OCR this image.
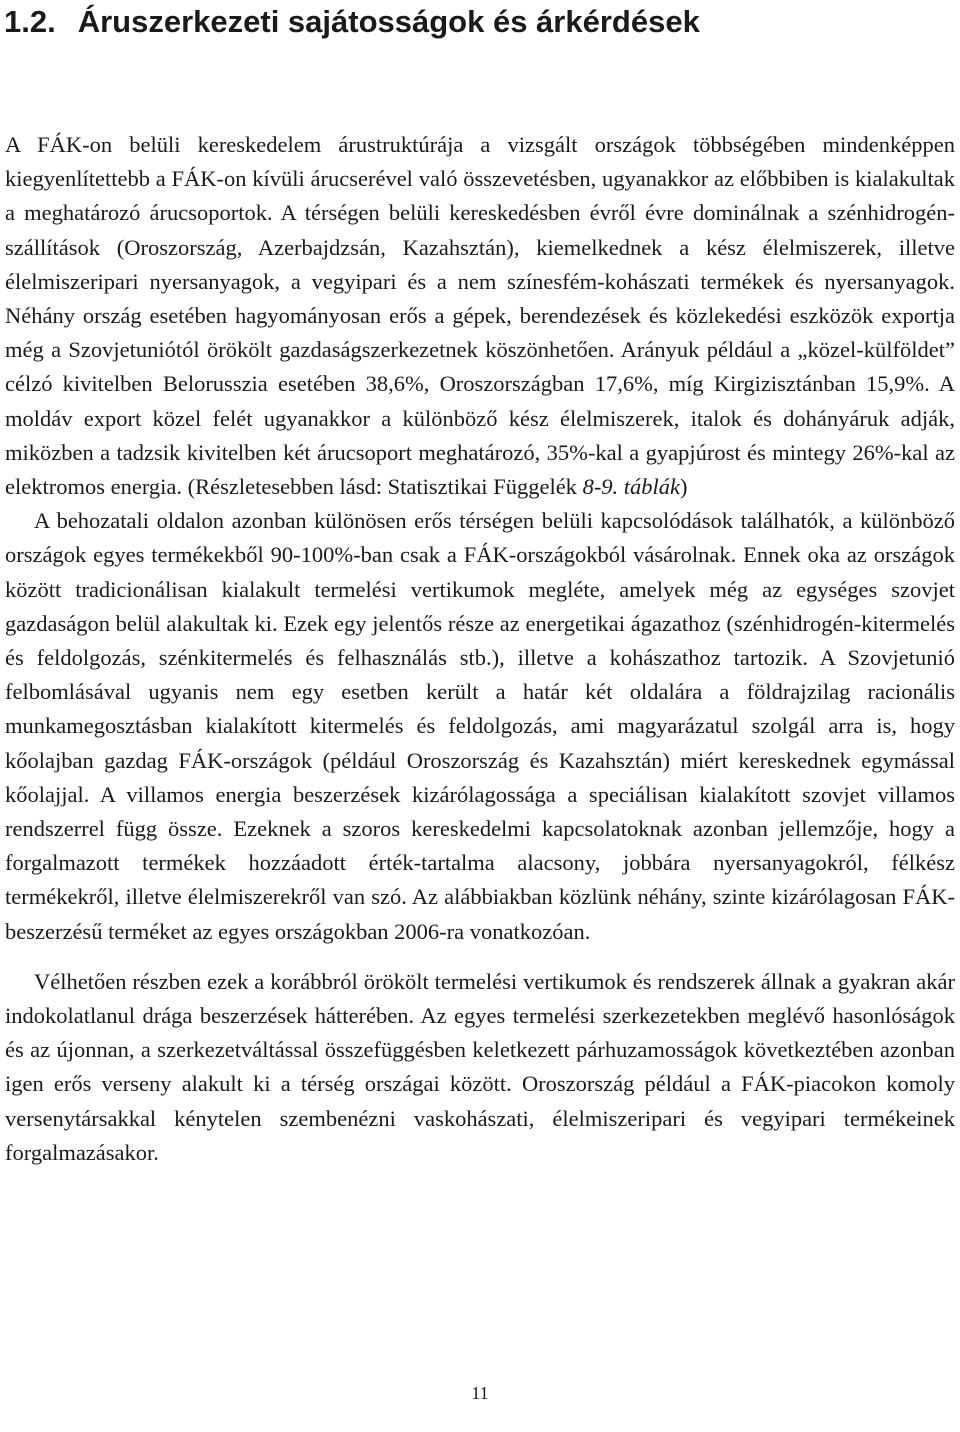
1.2. Áruszerkezeti sajátosságok és árkérdések

A FÁK-on belüli kereskedelem árustruktúrája a vizsgált országok többségében mindenképpen kiegyenlítettebb a FÁK-on kívüli árucserével való összevetésben, ugyanakkor az előbbiben is kialakultak a meghatározó árucsoportok. A térségen belüli kereskedésben évről évre dominálnak a szénhidrogén-szállítások (Oroszország, Azerbajdzsán, Kazahsztán), kiemelkednek a kész élelmiszerek, illetve élelmiszeripari nyersanyagok, a vegyipari és a nem színesfém-kohászati termékek és nyersanyagok. Néhány ország esetében hagyományosan erős a gépek, berendezések és közlekedési eszközök exportja még a Szovjetuniótól örökölt gazdaságszerkezetnek köszönhetően. Arányuk például a „közel-külföldet” célzó kivitelben Belorusszia esetében 38,6%, Oroszországban 17,6%, míg Kirgizisztánban 15,9%. A moldáv export közel felét ugyanakkor a különböző kész élelmiszerek, italok és dohányáruk adják, miközben a tadzsik kivitelben két árucsoport meghatározó, 35%-kal a gyapjúrost és mintegy 26%-kal az elektromos energia. (Részletesebben lásd: Statisztikai Függelék 8-9. táblák)

A behozatali oldalon azonban különösen erős térségen belüli kapcsolódások találhatók, a különböző országok egyes termékekből 90-100%-ban csak a FÁK-országokból vásárolnak. Ennek oka az országok között tradicionálisan kialakult termelési vertikumok megléte, amelyek még az egységes szovjet gazdaságon belül alakultak ki. Ezek egy jelentős része az energetikai ágazathoz (szénhidrogén-kitermelés és feldolgozás, szénkitermelés és felhasználás stb.), illetve a kohászathoz tartozik. A Szovjetunió felbomlásával ugyanis nem egy esetben került a határ két oldalára a földrajzilag racionális munkamegosztásban kialakított kitermelés és feldolgozás, ami magyarázatul szolgál arra is, hogy kőolajban gazdag FÁK-országok (például Oroszország és Kazahsztán) miért kereskednek egymással kőolajjal. A villamos energia beszerzések kizárólagossága a speciálisan kialakított szovjet villamos rendszerrel függ össze. Ezeknek a szoros kereskedelmi kapcsolatoknak azonban jellemzője, hogy a forgalmazott termékek hozzáadott érték-tartalma alacsony, jobbára nyersanyagokról, félkész termékekről, illetve élelmiszerekről van szó. Az alábbiakban közlünk néhány, szinte kizárólagosan FÁK-beszerzésű terméket az egyes országokban 2006-ra vonatkozóan.

Vélhetően részben ezek a korábbról örökölt termelési vertikumok és rendszerek állnak a gyakran akár indokolatlanul drága beszerzések hátterében. Az egyes termelési szerkezetekben meglévő hasonlóságok és az újonnan, a szerkezetváltással összefüggésben keletkezett párhuzamosságok következtében azonban igen erős verseny alakult ki a térség országai között. Oroszország például a FÁK-piacokon komoly versenytársakkal kénytelen szembenézni vaskohászati, élelmiszeripari és vegyipari termékeinek forgalmazásakor.

11
